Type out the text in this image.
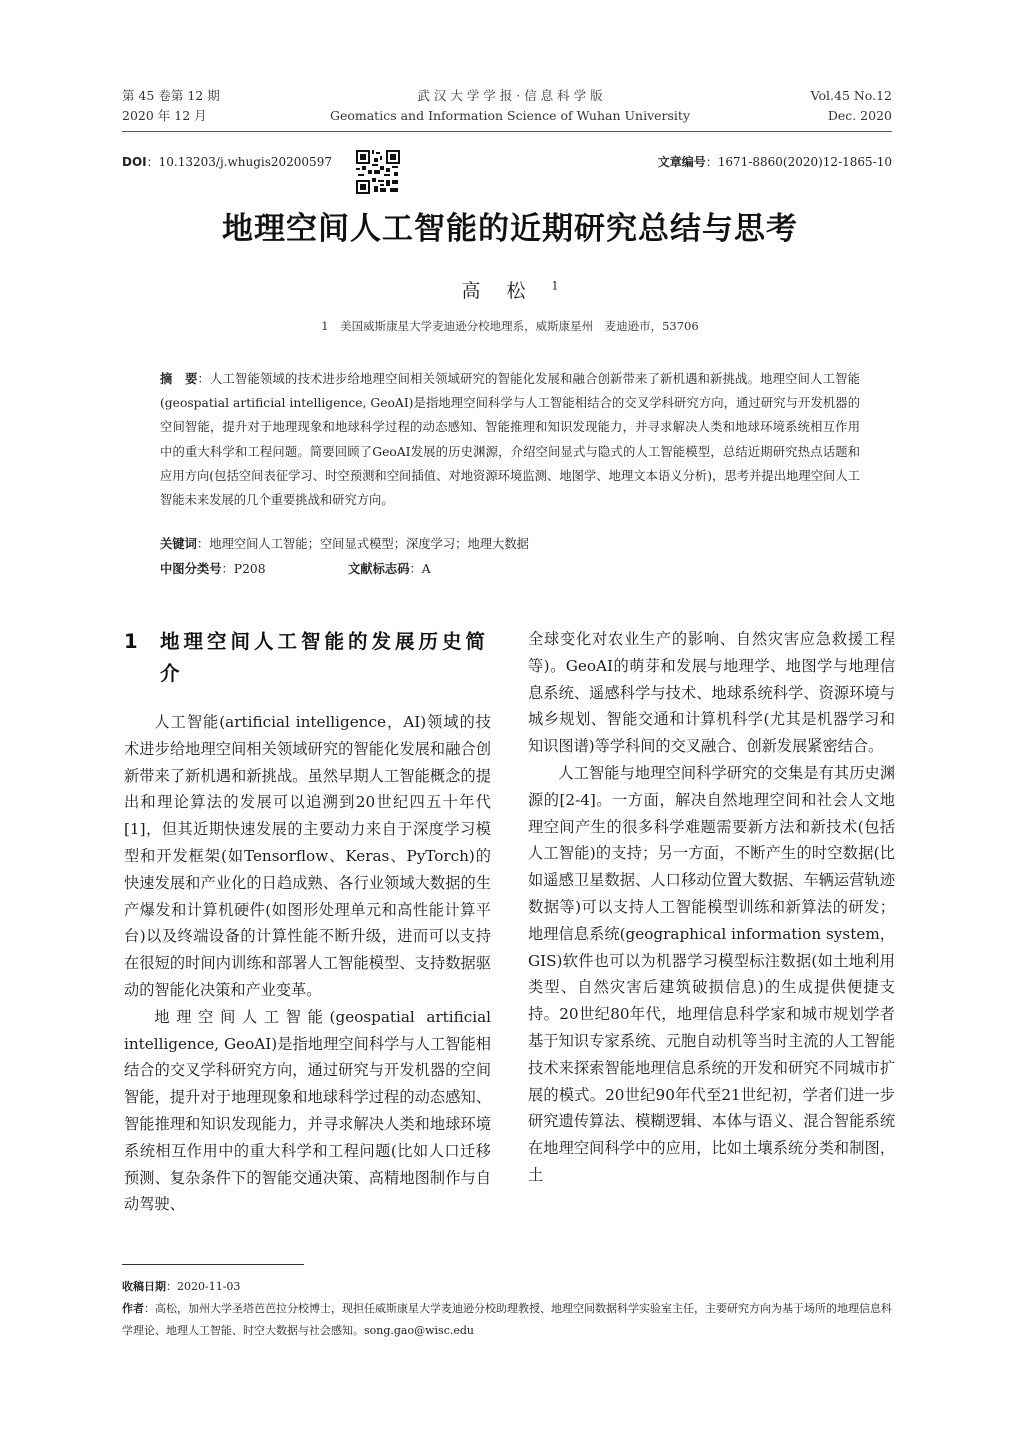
第 45 卷第 12 期
2020 年 12 月
武 汉 大 学 学 报 · 信 息 科 学 版
Geomatics and Information Science of Wuhan University
Vol.45 No.12
Dec. 2020
DOI：10.13203/j.whugis20200597	文章编号：1671-8860(2020)12-1865-10
地理空间人工智能的近期研究总结与思考
高松$^1$
1　美国威斯康星大学麦迪逊分校地理系，威斯康星州　麦迪逊市，53706
摘　要：人工智能领域的技术进步给地理空间相关领域研究的智能化发展和融合创新带来了新机遇和新挑战。地理空间人工智能(geospatial artificial intelligence, GeoAI)是指地理空间科学与人工智能相结合的交叉学科研究方向，通过研究与开发机器的空间智能，提升对于地理现象和地球科学过程的动态感知、智能推理和知识发现能力，并寻求解决人类和地球环境系统相互作用中的重大科学和工程问题。简要回顾了GeoAI发展的历史渊源，介绍空间显式与隐式的人工智能模型，总结近期研究热点话题和应用方向(包括空间表征学习、时空预测和空间插值、对地资源环境监测、地图学、地理文本语义分析)，思考并提出地理空间人工智能未来发展的几个重要挑战和研究方向。
关键词：地理空间人工智能；空间显式模型；深度学习；地理大数据
中图分类号：P208	文献标志码：A
1 地理空间人工智能的发展历史简介

人工智能(artificial intelligence，AI)领域的技术进步给地理空间相关领域研究的智能化发展和融合创新带来了新机遇和新挑战。虽然早期人工智能概念的提出和理论算法的发展可以追溯到20世纪四五十年代[1]，但其近期快速发展的主要动力来自于深度学习模型和开发框架(如Tensorflow、Keras、PyTorch)的快速发展和产业化的日趋成熟、各行业领域大数据的生产爆发和计算机硬件(如图形处理单元和高性能计算平台)以及终端设备的计算性能不断升级，进而可以支持在很短的时间内训练和部署人工智能模型、支持数据驱动的智能化决策和产业变革。

地理空间人工智能(geospatial artificial intelligence, GeoAI)是指地理空间科学与人工智能相结合的交叉学科研究方向，通过研究与开发机器的空间智能，提升对于地理现象和地球科学过程的动态感知、智能推理和知识发现能力，并寻求解决人类和地球环境系统相互作用中的重大科学和工程问题(比如人口迁移预测、复杂条件下的智能交通决策、高精地图制作与自动驾驶、

全球变化对农业生产的影响、自然灾害应急救援工程等)。GeoAI的萌芽和发展与地理学、地图学与地理信息系统、遥感科学与技术、地球系统科学、资源环境与城乡规划、智能交通和计算机科学(尤其是机器学习和知识图谱)等学科间的交叉融合、创新发展紧密结合。

人工智能与地理空间科学研究的交集是有其历史渊源的[2-4]。一方面，解决自然地理空间和社会人文地理空间产生的很多科学难题需要新方法和新技术(包括人工智能)的支持；另一方面，不断产生的时空数据(比如遥感卫星数据、人口移动位置大数据、车辆运营轨迹数据等)可以支持人工智能模型训练和新算法的研发；地理信息系统(geographical information system，GIS)软件也可以为机器学习模型标注数据(如土地利用类型、自然灾害后建筑破损信息)的生成提供便捷支持。20世纪80年代，地理信息科学家和城市规划学者基于知识专家系统、元胞自动机等当时主流的人工智能技术来探索智能地理信息系统的开发和研究不同城市扩展的模式。20世纪90年代至21世纪初，学者们进一步研究遗传算法、模糊逻辑、本体与语义、混合智能系统在地理空间科学中的应用，比如土壤系统分类和制图，土

收稿日期：2020-11-03
作者：高松，加州大学圣塔芭芭拉分校博士，现担任威斯康星大学麦迪逊分校助理教授、地理空间数据科学实验室主任，主要研究方向为基于场所的地理信息科学理论、地理人工智能、时空大数据与社会感知。song.gao@wisc.edu
